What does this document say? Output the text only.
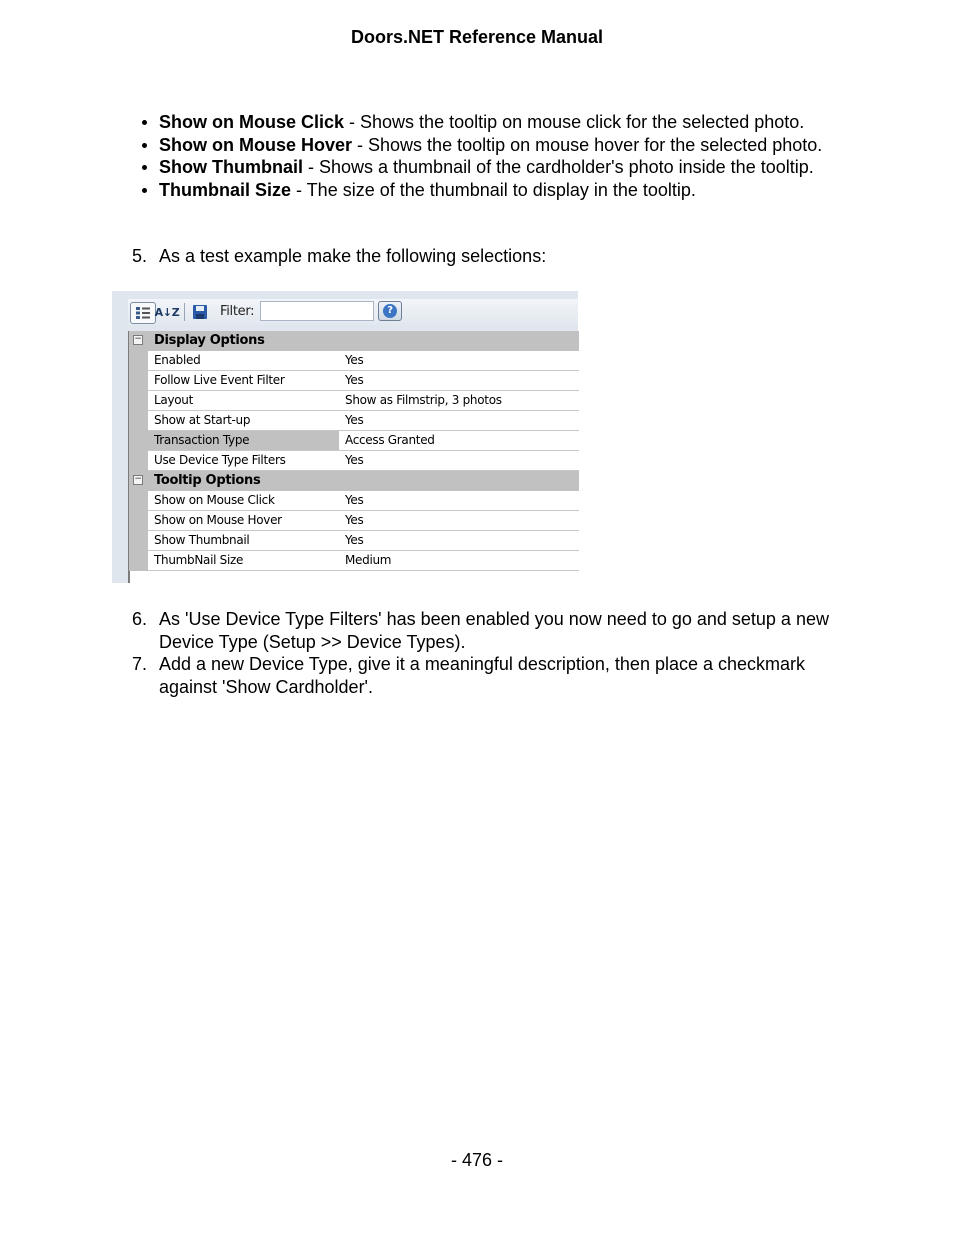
Doors.NET Reference Manual
Show on Mouse Click - Shows the tooltip on mouse click for the selected photo.
Show on Mouse Hover - Shows the tooltip on mouse hover for the selected photo.
Show Thumbnail - Shows a thumbnail of the cardholder's photo inside the tooltip.
Thumbnail Size - The size of the thumbnail to display in the tooltip.
5. As a test example make the following selections:
A↓Z	Filter:	?
− Display Options
Enabled	Yes
Follow Live Event Filter	Yes
Layout	Show as Filmstrip, 3 photos
Show at Start-up	Yes
Transaction Type	Access Granted
Use Device Type Filters	Yes
− Tooltip Options
Show on Mouse Click	Yes
Show on Mouse Hover	Yes
Show Thumbnail	Yes
ThumbNail Size	Medium
6. As 'Use Device Type Filters' has been enabled you now need to go and setup a new Device Type (Setup >> Device Types).
7. Add a new Device Type, give it a meaningful description, then place a checkmark against 'Show Cardholder'.
- 476 -
